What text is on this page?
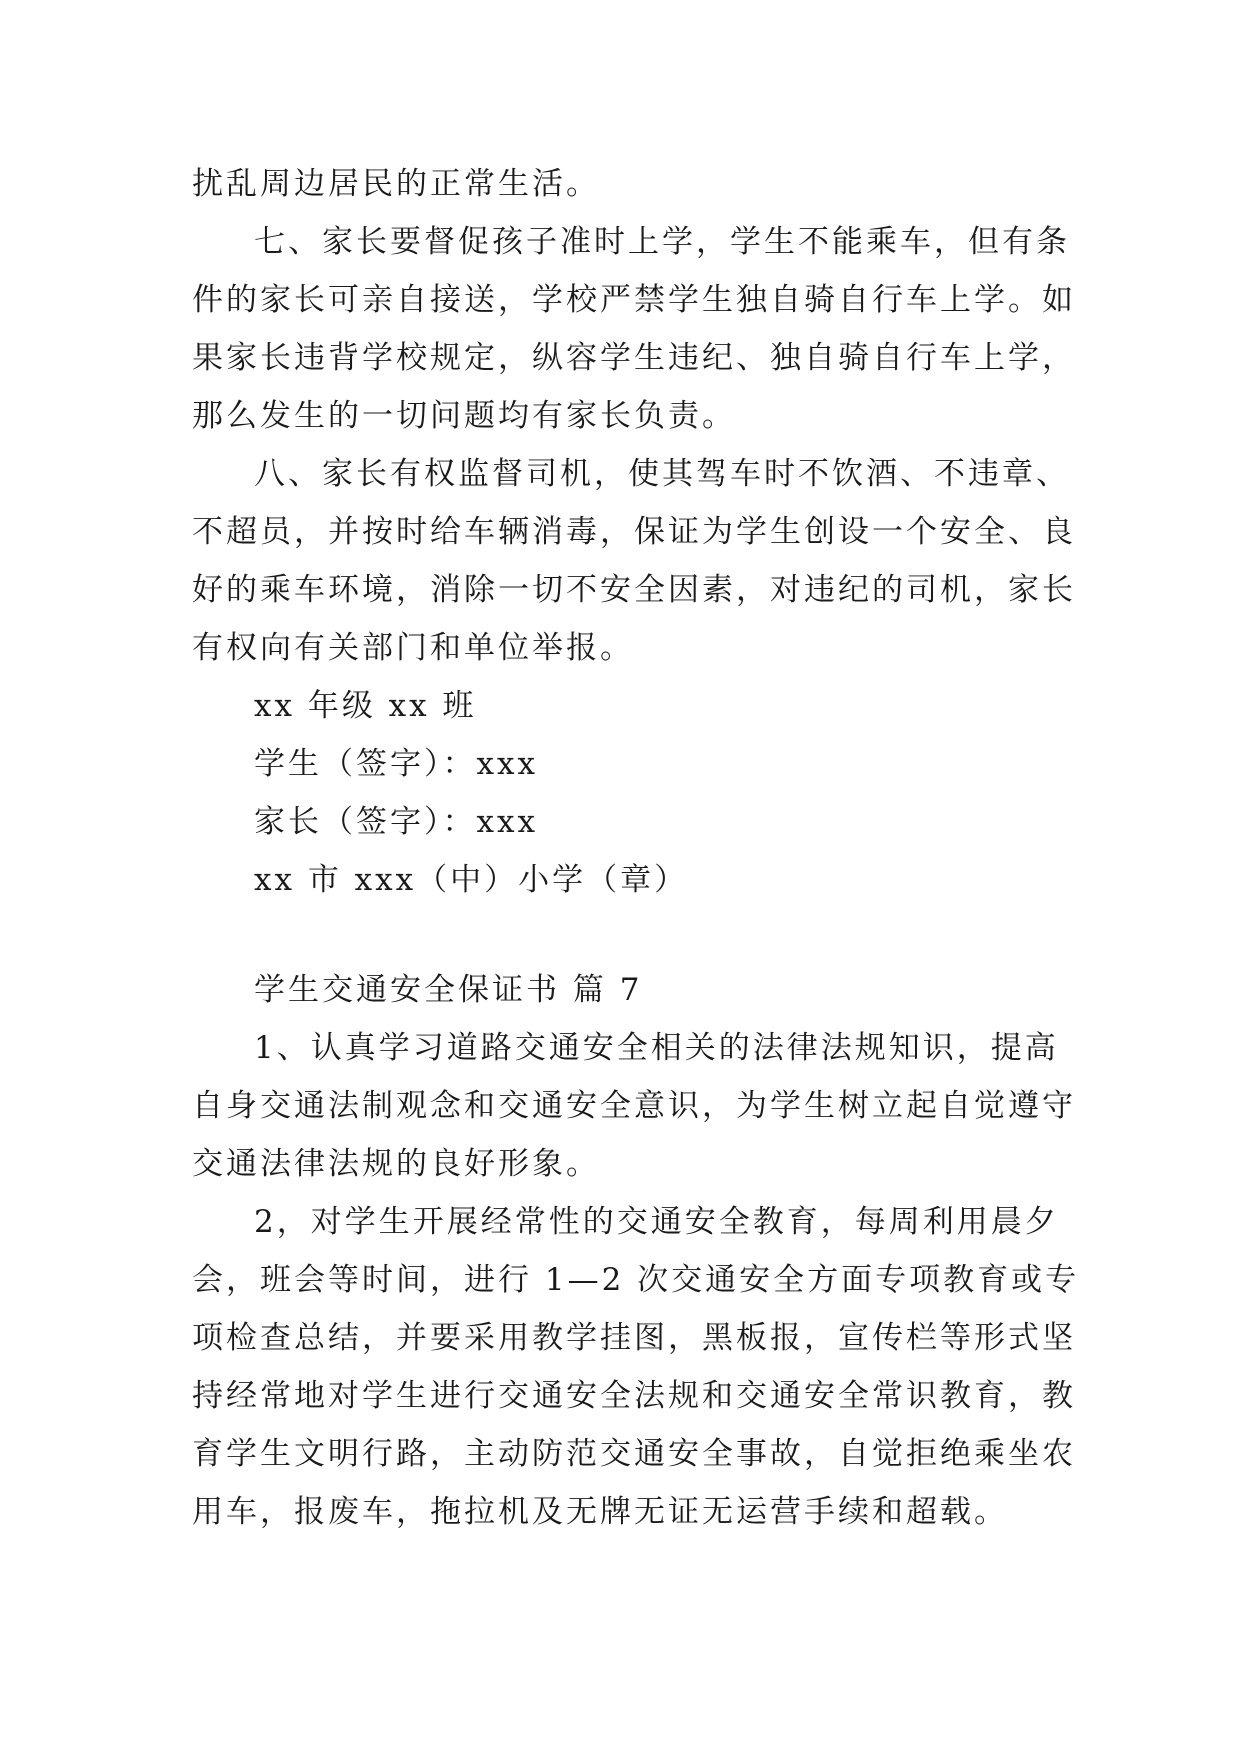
扰乱周边居民的正常生活。
七、家长要督促孩子准时上学，学生不能乘车，但有条
件的家长可亲自接送，学校严禁学生独自骑自行车上学。如
果家长违背学校规定，纵容学生违纪、独自骑自行车上学，
那么发生的一切问题均有家长负责。
八、家长有权监督司机，使其驾车时不饮酒、不违章、
不超员，并按时给车辆消毒，保证为学生创设一个安全、良
好的乘车环境，消除一切不安全因素，对违纪的司机，家长
有权向有关部门和单位举报。
xx 年级 xx 班
学生（签字）：xxx
家长（签字）：xxx
xx 市 xxx（中）小学（章）
学生交通安全保证书 篇 7
1、认真学习道路交通安全相关的法律法规知识，提高
自身交通法制观念和交通安全意识，为学生树立起自觉遵守
交通法律法规的良好形象。
2，对学生开展经常性的交通安全教育，每周利用晨夕
会，班会等时间，进行 1—2 次交通安全方面专项教育或专
项检查总结，并要采用教学挂图，黑板报，宣传栏等形式坚
持经常地对学生进行交通安全法规和交通安全常识教育，教
育学生文明行路，主动防范交通安全事故，自觉拒绝乘坐农
用车，报废车，拖拉机及无牌无证无运营手续和超载。
